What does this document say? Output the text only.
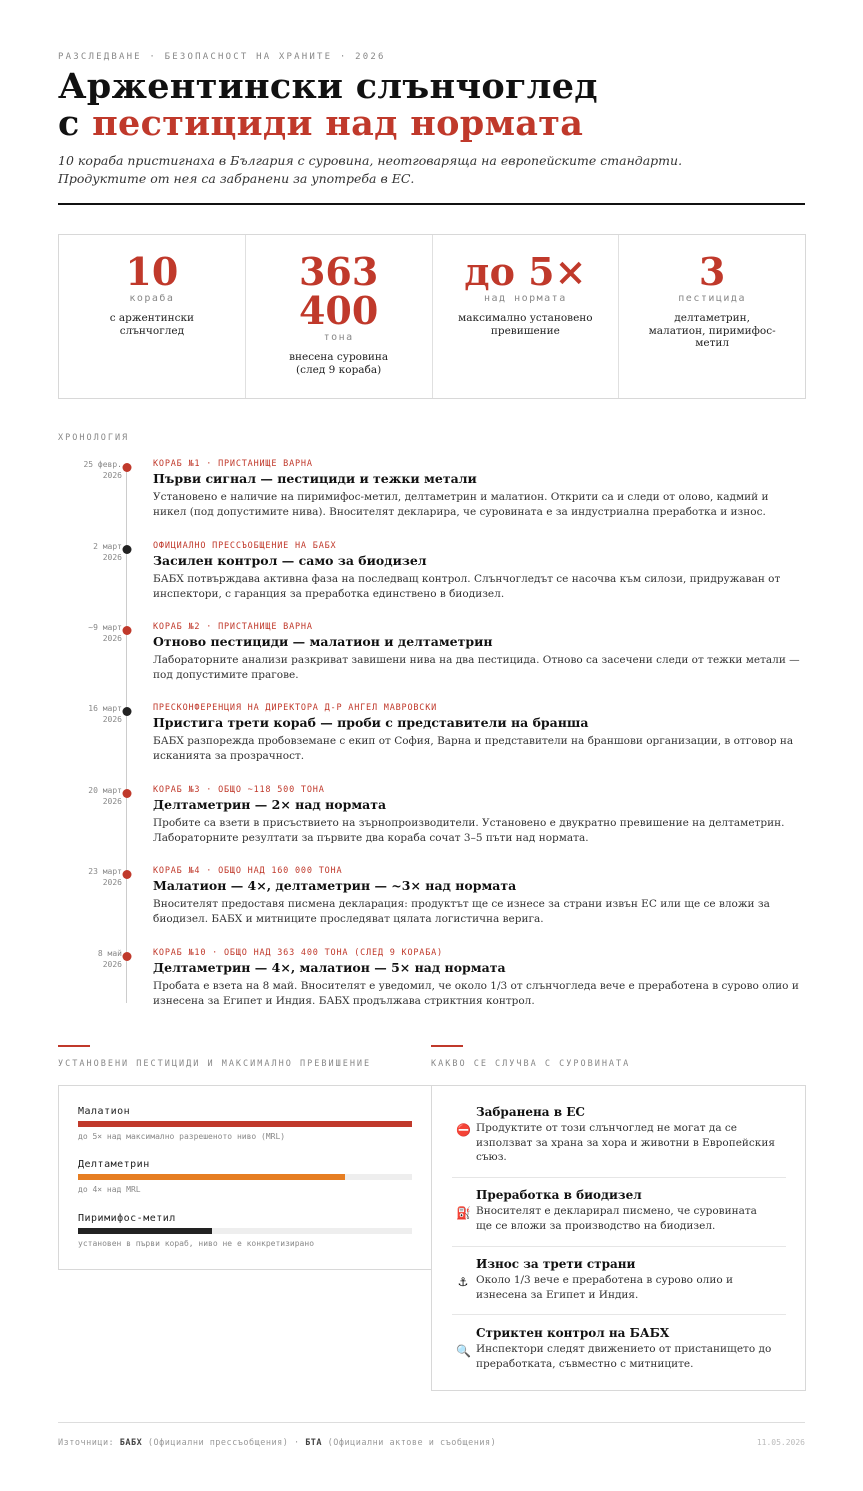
РАЗСЛЕДВАНЕ · БЕЗОПАСНОСТ НА ХРАНИТЕ · 2026
Аржентински слънчоглед
с пестициди над нормата
10 кораба пристигнаха в България с суровина, неотговаряща на европейските стандарти.
Продуктите от нея са забранени за употреба в ЕС.
10
кораба
с аржентински слънчоглед
363 400
тона
внесена суровина (след 9 кораба)
до 5×
над нормата
максимално установено превишение
3
пестицида
делтаметрин, малатион, пиримифос-метил
ХРОНОЛОГИЯ
25 февр.
2026
КОРАБ №1 · ПРИСТАНИЩЕ ВАРНА
Първи сигнал — пестициди и тежки метали
Установено е наличие на пиримифос-метил, делтаметрин и малатион. Открити са и следи от олово, кадмий и никел (под допустимите нива). Вносителят декларира, че суровината е за индустриална преработка и износ.
2 март
2026
ОФИЦИАЛНО ПРЕССЪОБЩЕНИЕ НА БАБХ
Засилен контрол — само за биодизел
БАБХ потвърждава активна фаза на последващ контрол. Слънчогледът се насочва към силози, придружаван от инспектори, с гаранция за преработка единствено в биодизел.
~9 март
2026
КОРАБ №2 · ПРИСТАНИЩЕ ВАРНА
Отново пестициди — малатион и делтаметрин
Лабораторните анализи разкриват завишени нива на два пестицида. Отново са засечени следи от тежки метали — под допустимите прагове.
16 март
2026
ПРЕСКОНФЕРЕНЦИЯ НА ДИРЕКТОРА Д-Р АНГЕЛ МАВРОВСКИ
Пристига трети кораб — проби с представители на бранша
БАБХ разпорежда пробовземане с екип от София, Варна и представители на браншови организации, в отговор на исканията за прозрачност.
20 март
2026
КОРАБ №3 · ОБЩО ~118 500 ТОНА
Делтаметрин — 2× над нормата
Пробите са взети в присъствието на зърнопроизводители. Установено е двукратно превишение на делтаметрин. Лабораторните резултати за първите два кораба сочат 3–5 пъти над нормата.
23 март
2026
КОРАБ №4 · ОБЩО НАД 160 000 ТОНА
Малатион — 4×, делтаметрин — ~3× над нормата
Вносителят предоставя писмена декларация: продуктът ще се изнесе за страни извън ЕС или ще се вложи за биодизел. БАБХ и митниците проследяват цялата логистична верига.
8 май
2026
КОРАБ №10 · ОБЩО НАД 363 400 ТОНА (СЛЕД 9 КОРАБА)
Делтаметрин — 4×, малатион — 5× над нормата
Пробата е взета на 8 май. Вносителят е уведомил, че около 1/3 от слънчогледа вече е преработена в сурово олио и изнесена за Египет и Индия. БАБХ продължава стриктния контрол.
УСТАНОВЕНИ ПЕСТИЦИДИ И МАКСИМАЛНО ПРЕВИШЕНИЕ	КАКВО СЕ СЛУЧВА С СУРОВИНАТА
Малатион
до 5× над максимално разрешеното ниво (MRL)
Делтаметрин
до 4× над MRL
Пиримифос-метил
установен в първи кораб, ниво не е конкретизирано
⛔
Забранена в ЕС
Продуктите от този слънчоглед не могат да се използват за храна за хора и животни в Европейския съюз.
⛽
Преработка в биодизел
Вносителят е декларирал писмено, че суровината ще се вложи за производство на биодизел.
⚓
Износ за трети страни
Около 1/3 вече е преработена в сурово олио и изнесена за Египет и Индия.
🔍
Стриктен контрол на БАБХ
Инспектори следят движението от пристанището до преработката, съвместно с митниците.
Източници: БАБХ (Официални прессъобщения) · БТА (Официални актове и съобщения)	11.05.2026
